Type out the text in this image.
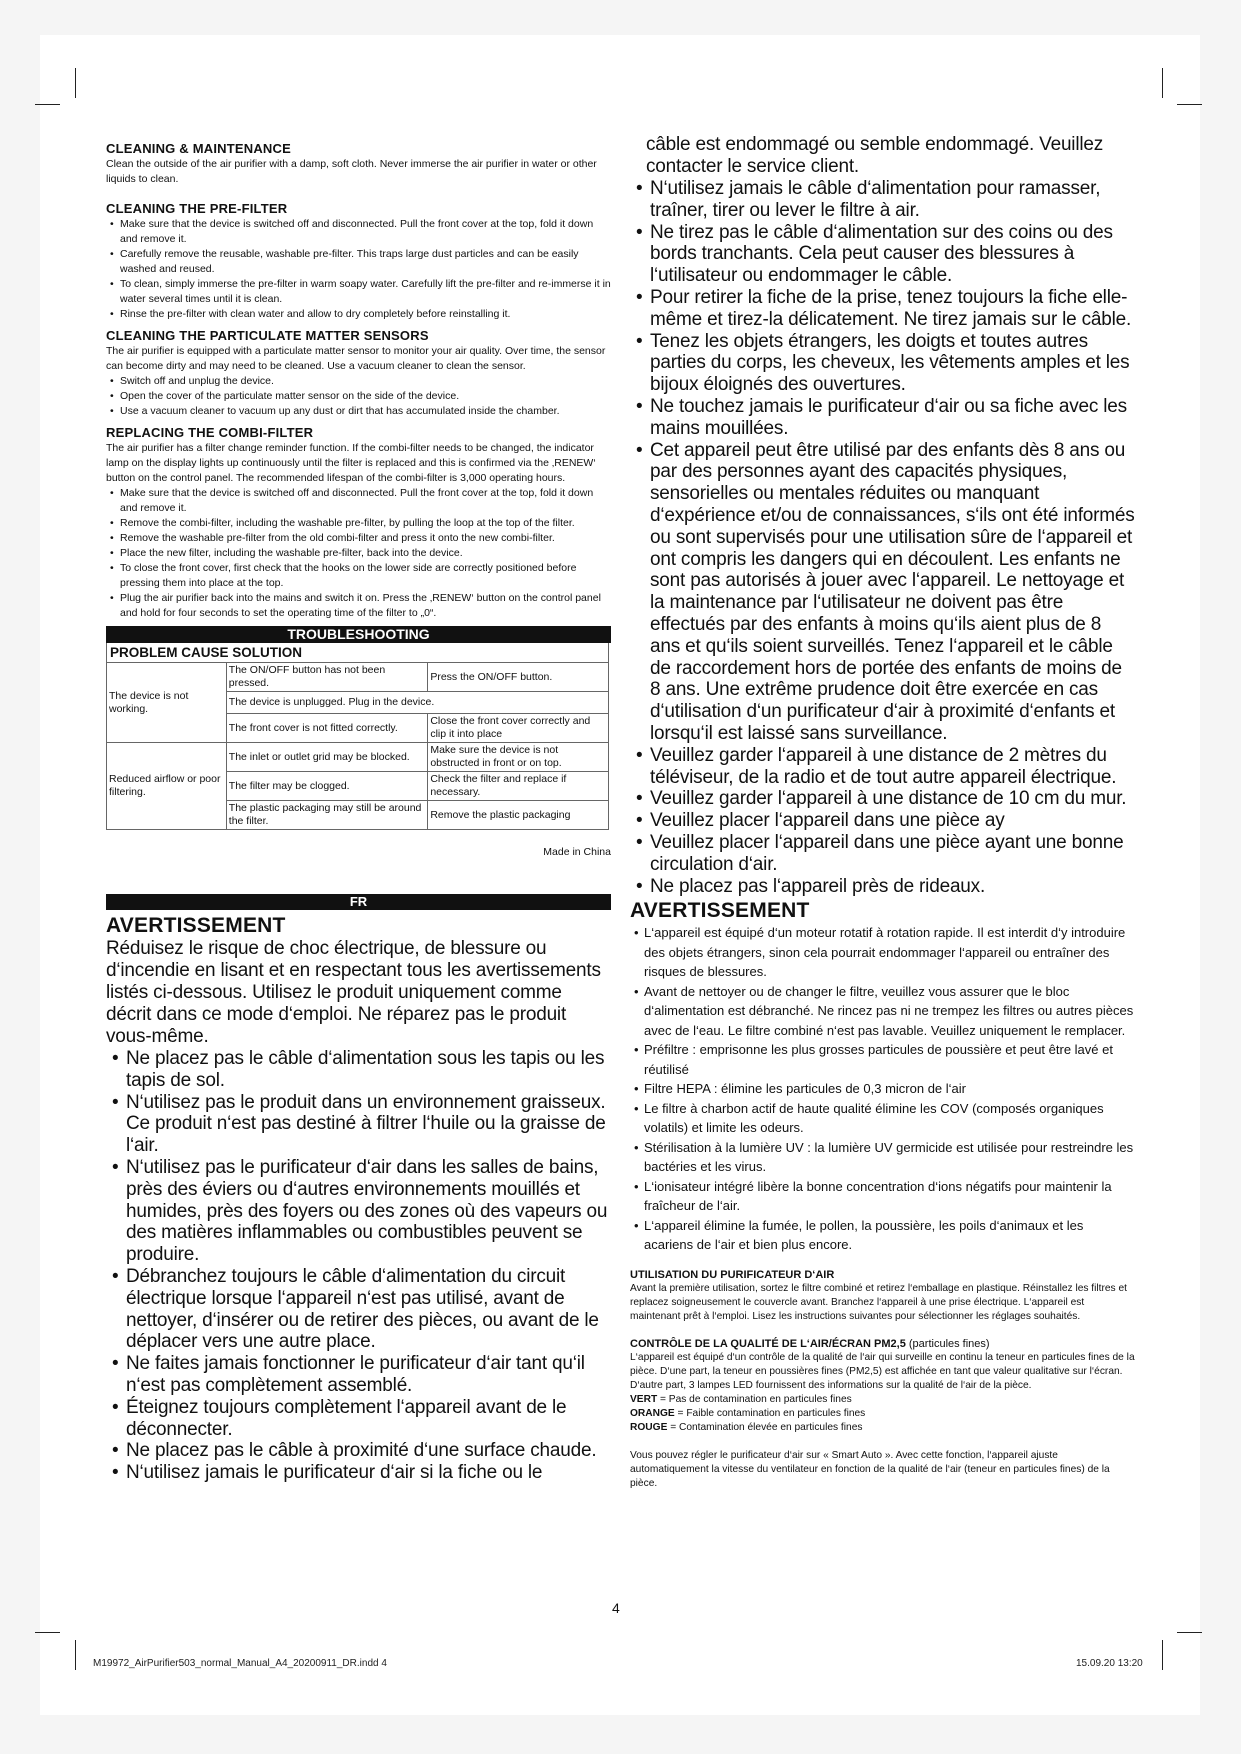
CLEANING & MAINTENANCE

Clean the outside of the air purifier with a damp, soft cloth. Never immerse the air purifier in water or other liquids to clean.

CLEANING THE PRE-FILTER
• Make sure that the device is switched off and disconnected. Pull the front cover at the top, fold it down and remove it.
• Carefully remove the reusable, washable pre-filter. This traps large dust particles and can be easily washed and reused.
• To clean, simply immerse the pre-filter in warm soapy water. Carefully lift the pre-filter and re-immerse it in water several times until it is clean.
• Rinse the pre-filter with clean water and allow to dry completely before reinstalling it.
CLEANING THE PARTICULATE MATTER SENSORS

The air purifier is equipped with a particulate matter sensor to monitor your air quality. Over time, the sensor can become dirty and may need to be cleaned. Use a vacuum cleaner to clean the sensor.

• Switch off and unplug the device.
• Open the cover of the particulate matter sensor on the side of the device.
• Use a vacuum cleaner to vacuum up any dust or dirt that has accumulated inside the chamber.
REPLACING THE COMBI-FILTER

The air purifier has a filter change reminder function. If the combi-filter needs to be changed, the indicator lamp on the display lights up continuously until the filter is replaced and this is confirmed via the ‚RENEW‘ button on the control panel. The recommended lifespan of the combi-filter is 3,000 operating hours.

• Make sure that the device is switched off and disconnected. Pull the front cover at the top, fold it down and remove it.
• Remove the combi-filter, including the washable pre-filter, by pulling the loop at the top of the filter.
• Remove the washable pre-filter from the old combi-filter and press it onto the new combi-filter.
• Place the new filter, including the washable pre-filter, back into the device.
• To close the front cover, first check that the hooks on the lower side are correctly positioned before pressing them into place at the top.
• Plug the air purifier back into the mains and switch it on. Press the ‚RENEW‘ button on the control panel and hold for four seconds to set the operating time of the filter to „0“.
TROUBLESHOOTING
PROBLEM CAUSE SOLUTION		
The device is not working.	The ON/OFF button has not been pressed.	Press the ON/OFF button.
	The device is unplugged. Plug in the device.	
	The front cover is not fitted correctly.	Close the front cover correctly and clip it into place
Reduced airflow or poor filtering.	The inlet or outlet grid may be blocked.	Make sure the device is not obstructed in front or on top.
	The filter may be clogged.	Check the filter and replace if necessary.
	The plastic packaging may still be around the filter.	Remove the plastic packaging
Made in China
FR
AVERTISSEMENT

Réduisez le risque de choc électrique, de blessure ou d‘incendie en lisant et en respectant tous les avertissements listés ci-dessous. Utilisez le produit uniquement comme décrit dans ce mode d‘emploi. Ne réparez pas le produit vous-même.

• Ne placez pas le câble d‘alimentation sous les tapis ou les tapis de sol.
• N‘utilisez pas le produit dans un environnement graisseux. Ce produit n‘est pas destiné à filtrer l‘huile ou la graisse de l‘air.
• N‘utilisez pas le purificateur d‘air dans les salles de bains, près des éviers ou d‘autres environnements mouillés et humides, près des foyers ou des zones où des vapeurs ou des matières inflammables ou combustibles peuvent se produire.
• Débranchez toujours le câble d‘alimentation du circuit électrique lorsque l‘appareil n‘est pas utilisé, avant de nettoyer, d‘insérer ou de retirer des pièces, ou avant de le déplacer vers une autre place.
• Ne faites jamais fonctionner le purificateur d‘air tant qu‘il n‘est pas complètement assemblé.
• Éteignez toujours complètement l‘appareil avant de le déconnecter.
• Ne placez pas le câble à proximité d‘une surface chaude.
• N‘utilisez jamais le purificateur d‘air si la fiche ou le

câble est endommagé ou semble endommagé. Veuillez contacter le service client.

• N‘utilisez jamais le câble d‘alimentation pour ramasser, traîner, tirer ou lever le filtre à air.
• Ne tirez pas le câble d‘alimentation sur des coins ou des bords tranchants. Cela peut causer des blessures à l‘utilisateur ou endommager le câble.
• Pour retirer la fiche de la prise, tenez toujours la fiche elle-même et tirez-la délicatement. Ne tirez jamais sur le câble.
• Tenez les objets étrangers, les doigts et toutes autres parties du corps, les cheveux, les vêtements amples et les bijoux éloignés des ouvertures.
• Ne touchez jamais le purificateur d‘air ou sa fiche avec les mains mouillées.
• Cet appareil peut être utilisé par des enfants dès 8 ans ou par des personnes ayant des capacités physiques, sensorielles ou mentales réduites ou manquant d‘expérience et/ou de connaissances, s‘ils ont été informés ou sont supervisés pour une utilisation sûre de l‘appareil et ont compris les dangers qui en découlent. Les enfants ne sont pas autorisés à jouer avec l‘appareil. Le nettoyage et la maintenance par l‘utilisateur ne doivent pas être effectués par des enfants à moins qu‘ils aient plus de 8 ans et qu‘ils soient surveillés. Tenez l‘appareil et le câble de raccordement hors de portée des enfants de moins de 8 ans. Une extrême prudence doit être exercée en cas d‘utilisation d‘un purificateur d‘air à proximité d‘enfants et lorsqu‘il est laissé sans surveillance.
• Veuillez garder l‘appareil à une distance de 2 mètres du téléviseur, de la radio et de tout autre appareil électrique.
• Veuillez garder l‘appareil à une distance de 10 cm du mur.
• Veuillez placer l‘appareil dans une pièce ay
• Veuillez placer l‘appareil dans une pièce ayant une bonne circulation d‘air.
• Ne placez pas l‘appareil près de rideaux.
AVERTISSEMENT
• L‘appareil est équipé d‘un moteur rotatif à rotation rapide. Il est interdit d‘y introduire des objets étrangers, sinon cela pourrait endommager l‘appareil ou entraîner des risques de blessures.
• Avant de nettoyer ou de changer le filtre, veuillez vous assurer que le bloc d‘alimentation est débranché. Ne rincez pas ni ne trempez les filtres ou autres pièces avec de l‘eau. Le filtre combiné n‘est pas lavable. Veuillez uniquement le remplacer.
• Préfiltre : emprisonne les plus grosses particules de poussière et peut être lavé et réutilisé
• Filtre HEPA : élimine les particules de 0,3 micron de l‘air
• Le filtre à charbon actif de haute qualité élimine les COV (composés organiques volatils) et limite les odeurs.
• Stérilisation à la lumière UV : la lumière UV germicide est utilisée pour restreindre les bactéries et les virus.
• L‘ionisateur intégré libère la bonne concentration d‘ions négatifs pour maintenir la fraîcheur de l‘air.
• L‘appareil élimine la fumée, le pollen, la poussière, les poils d‘animaux et les acariens de l‘air et bien plus encore.
UTILISATION DU PURIFICATEUR D‘AIR

Avant la première utilisation, sortez le filtre combiné et retirez l‘emballage en plastique. Réinstallez les filtres et replacez soigneusement le couvercle avant. Branchez l‘appareil à une prise électrique. L‘appareil est maintenant prêt à l‘emploi. Lisez les instructions suivantes pour sélectionner les réglages souhaités.

CONTRÔLE DE LA QUALITÉ DE L‘AIR/ÉCRAN PM2,5 (particules fines)

L‘appareil est équipé d‘un contrôle de la qualité de l‘air qui surveille en continu la teneur en particules fines de la pièce. D‘une part, la teneur en poussières fines (PM2,5) est affichée en tant que valeur qualitative sur l‘écran. D‘autre part, 3 lampes LED fournissent des informations sur la qualité de l‘air de la pièce.

VERT = Pas de contamination en particules fines

ORANGE = Faible contamination en particules fines

ROUGE = Contamination élevée en particules fines

Vous pouvez régler le purificateur d‘air sur « Smart Auto ». Avec cette fonction, l‘appareil ajuste automatiquement la vitesse du ventilateur en fonction de la qualité de l‘air (teneur en particules fines) de la pièce.

4
M19972_AirPurifier503_normal_Manual_A4_20200911_DR.indd 4	15.09.20 13:20
